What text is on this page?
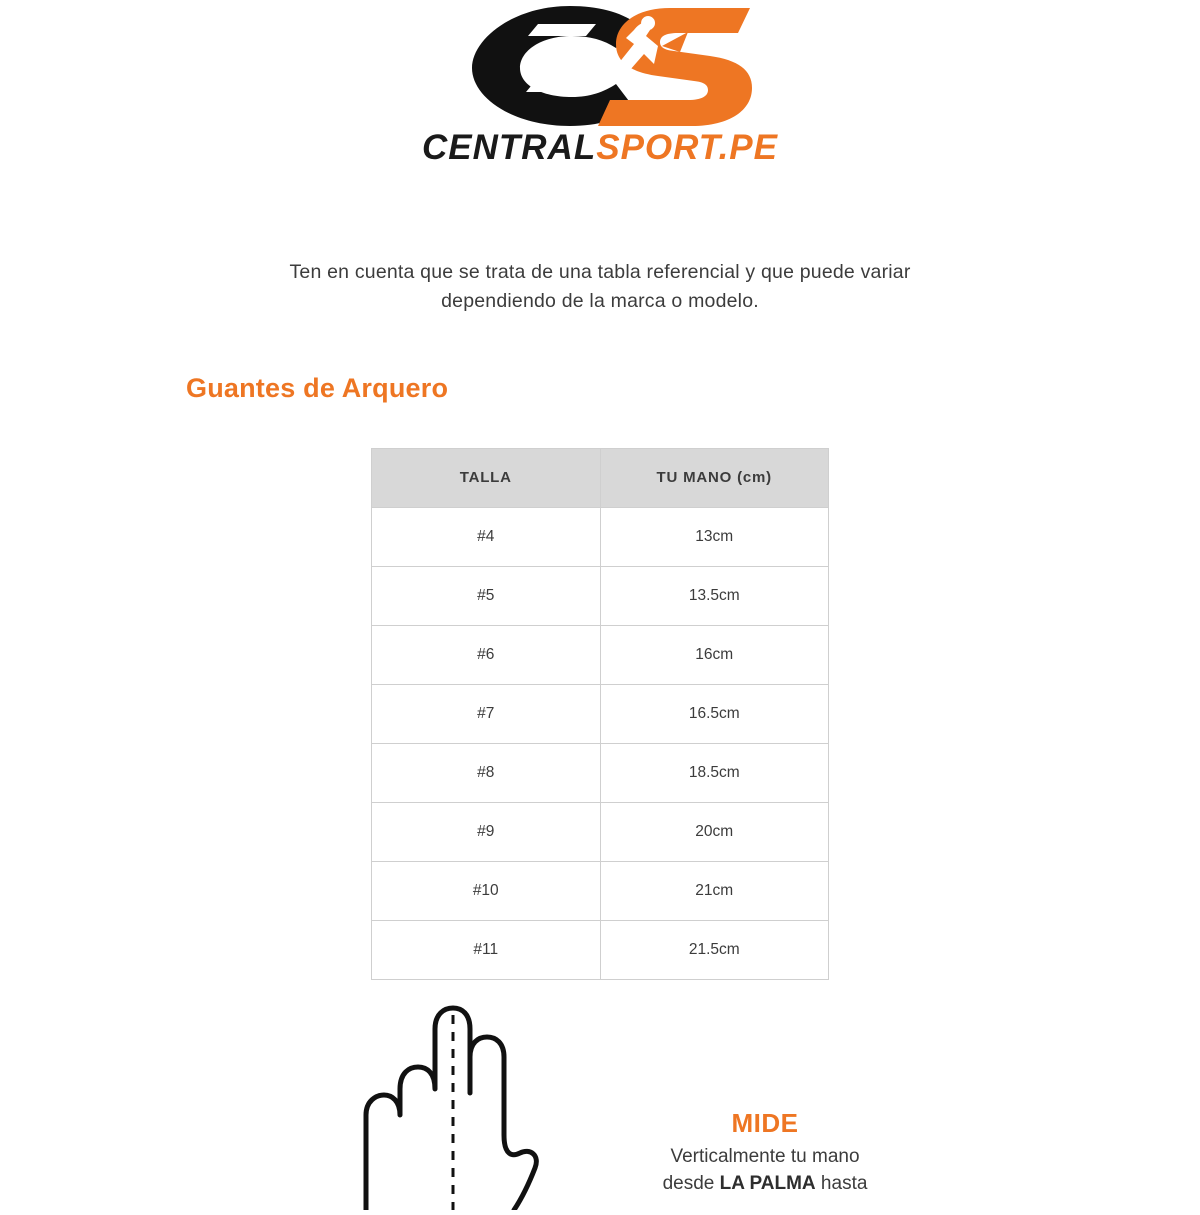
CENTRALSPORT.PE
Ten en cuenta que se trata de una tabla referencial y que puede variar
dependiendo de la marca o modelo.
Guantes de Arquero
TALLA	TU MANO (cm)
#4	13cm
#5	13.5cm
#6	16cm
#7	16.5cm
#8	18.5cm
#9	20cm
#10	21cm
#11	21.5cm
MIDE
Verticalmente tu mano
desde LA PALMA hasta
